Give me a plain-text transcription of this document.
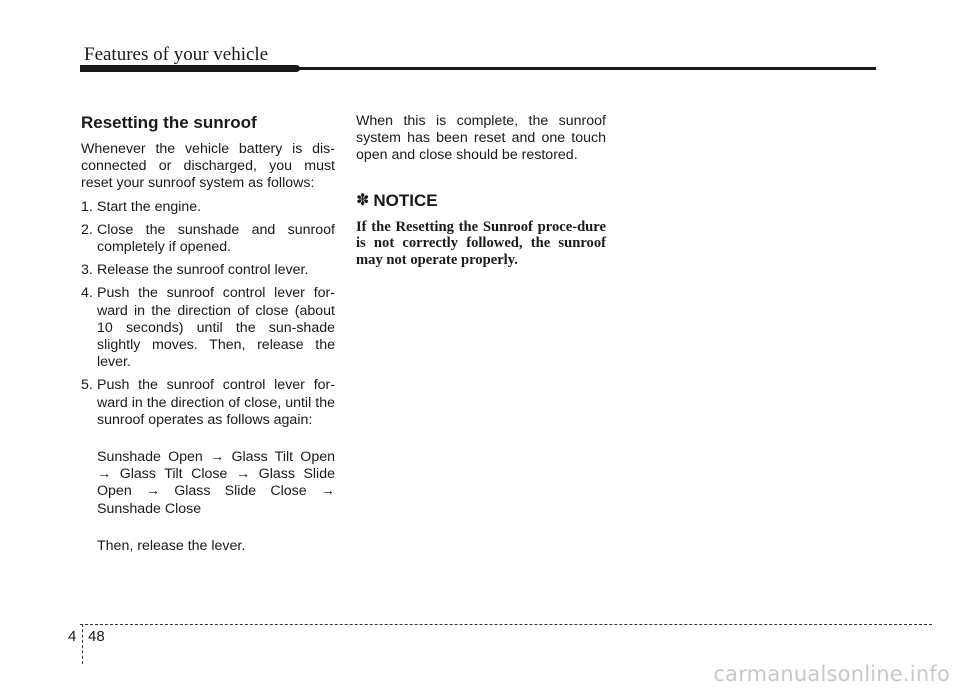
Features of your vehicle
Resetting the sunroof

Whenever the vehicle battery is dis-connected or discharged, you must reset your sunroof system as follows:

1. Start the engine.
2. Close the sunshade and sunroof completely if opened.
3. Release the sunroof control lever.
4. Push the sunroof control lever for-ward in the direction of close (about 10 seconds) until the sun-shade slightly moves. Then, release the lever.
5. Push the sunroof control lever for-ward in the direction of close, until the sunroof operates as follows again:
Sunshade Open → Glass Tilt Open → Glass Tilt Close → Glass Slide Open → Glass Slide Close → Sunshade Close
Then, release the lever.

When this is complete, the sunroof system has been reset and one touch open and close should be restored.

✽ NOTICE

If the Resetting the Sunroof proce-dure is not correctly followed, the sunroof may not operate properly.

4 48
carmanualsonline.info
